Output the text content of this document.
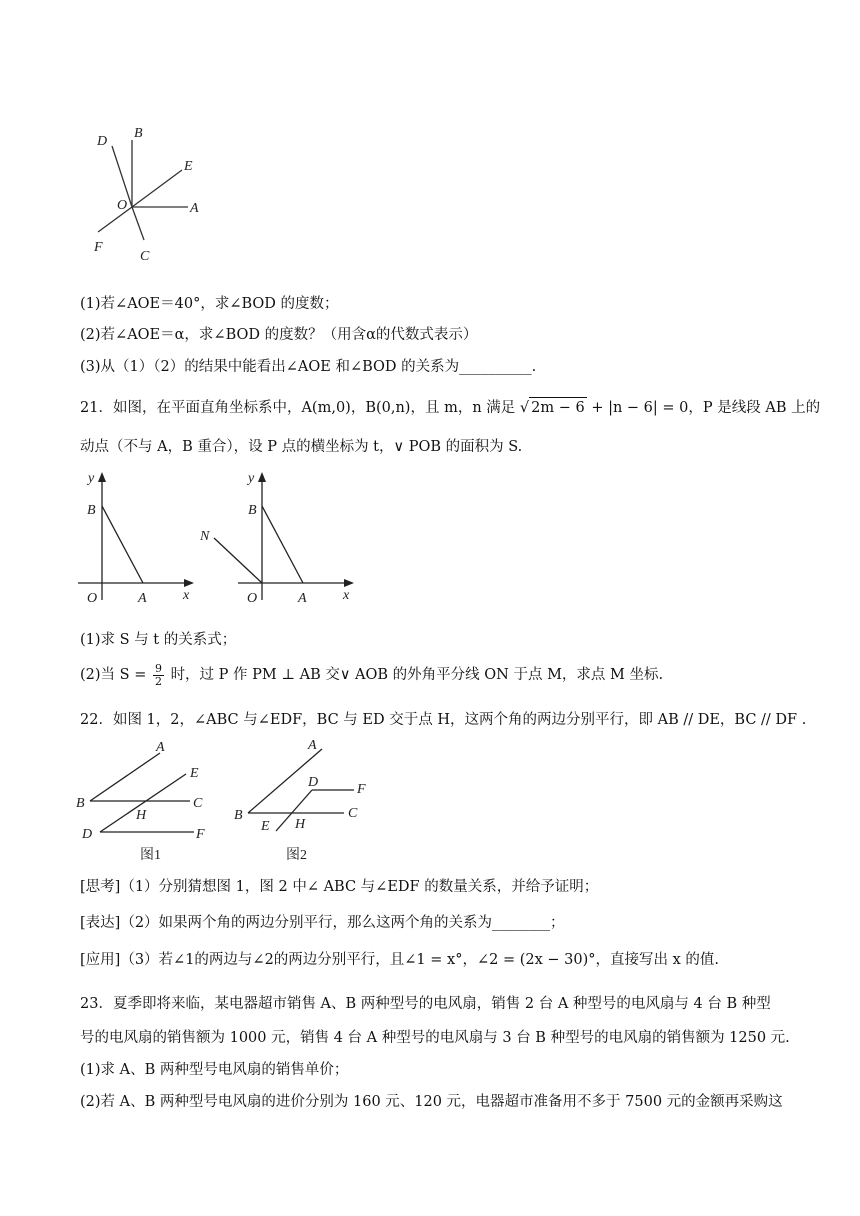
D
B
E
O	A
F
C
(1)若∠AOE＝40°，求∠BOD 的度数；
(2)若∠AOE＝α，求∠BOD 的度数？（用含α的代数式表示）
(3)从（1）（2）的结果中能看出∠AOE 和∠BOD 的关系为__________.
21．如图，在平面直角坐标系中，A(m,0)，B(0,n)，且 m，n 满足 √ 2m − 6 + |n − 6| = 0，P 是线段 AB 上的
动点（不与 A，B 重合），设 P 点的横坐标为 t，∨ POB 的面积为 S.
y
B
O	A	x
y
B
N
O	A	x
(1)求 S 与 t 的关系式；
(2)当 $S = \frac{9}{2}$ 时，过 P 作 PM ⊥ AB 交∨ AOB 的外角平分线 ON 于点 M，求点 M 坐标.
22．如图 1，2，∠ABC 与∠EDF，BC 与 ED 交于点 H，这两个角的两边分别平行，即 AB // DE，BC // DF .
A
E
B	C
H
D	F
图1
A
D	F
B	C
E H
图2
[思考]（1）分别猜想图 1，图 2 中∠ ABC 与∠EDF 的数量关系，并给予证明；
[表达]（2）如果两个角的两边分别平行，那么这两个角的关系为________；
[应用]（3）若∠1的两边与∠2的两边分别平行，且∠1 = x°，∠2 = (2x − 30)°，直接写出 x 的值.
23．夏季即将来临，某电器超市销售 A、B 两种型号的电风扇，销售 2 台 A 种型号的电风扇与 4 台 B 种型
号的电风扇的销售额为 1000 元，销售 4 台 A 种型号的电风扇与 3 台 B 种型号的电风扇的销售额为 1250 元.
(1)求 A、B 两种型号电风扇的销售单价；
(2)若 A、B 两种型号电风扇的进价分别为 160 元、120 元，电器超市准备用不多于 7500 元的金额再采购这
